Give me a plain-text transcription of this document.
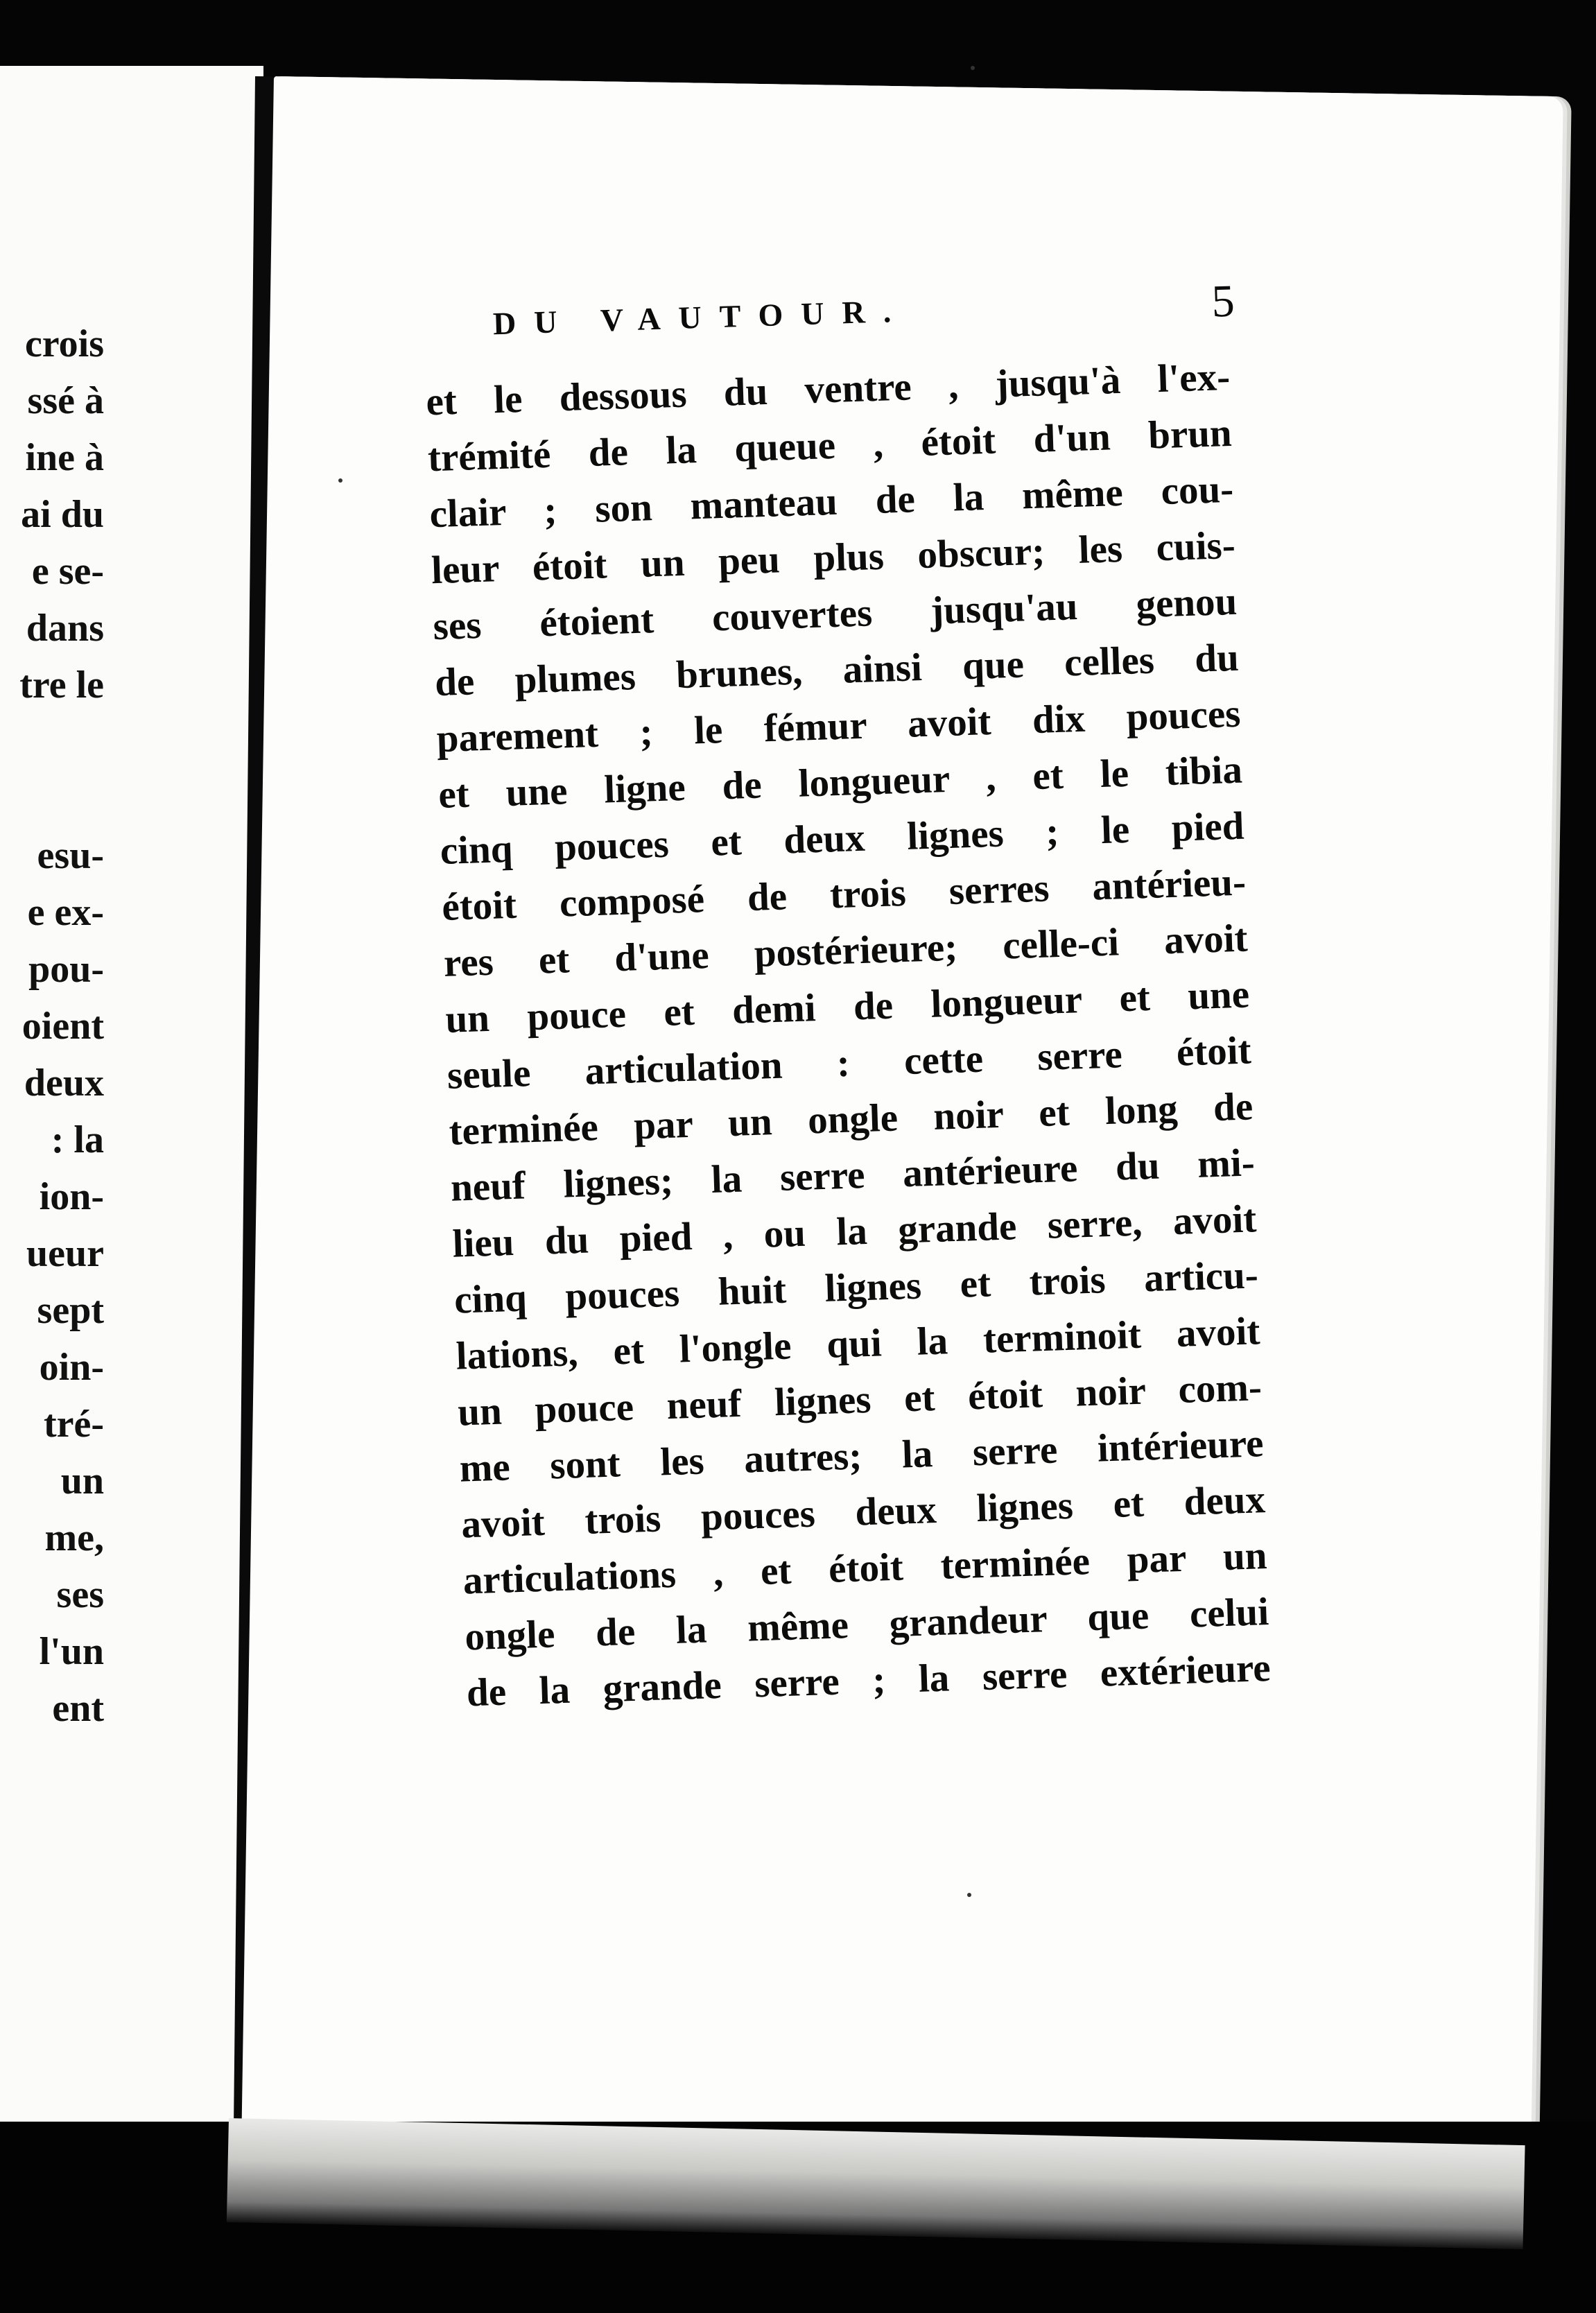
crois
ssé à
ine à
ai du
e se-
dans
tre le
esu-
e ex-
pou-
oient
deux
: la
ion-
ueur
sept
oin-
tré-
un
me,
ses
l'un
ent
DU VAUTOUR.	5
et le dessous du ventre , jusqu'à l'ex-
trémité de la queue , étoit d'un brun
clair ; son manteau de la même cou-
leur étoit un peu plus obscur; les cuis-
ses étoient couvertes jusqu'au genou
de plumes brunes, ainsi que celles du
parement ; le fémur avoit dix pouces
et une ligne de longueur , et le tibia
cinq pouces et deux lignes ; le pied
étoit composé de trois serres antérieu-
res et d'une postérieure; celle-ci avoit
un pouce et demi de longueur et une
seule articulation : cette serre étoit
terminée par un ongle noir et long de
neuf lignes; la serre antérieure du mi-
lieu du pied , ou la grande serre, avoit
cinq pouces huit lignes et trois articu-
lations, et l'ongle qui la terminoit avoit
un pouce neuf lignes et étoit noir com-
me sont les autres; la serre intérieure
avoit trois pouces deux lignes et deux
articulations , et étoit terminée par un
ongle de la même grandeur que celui
de la grande serre ; la serre extérieure
